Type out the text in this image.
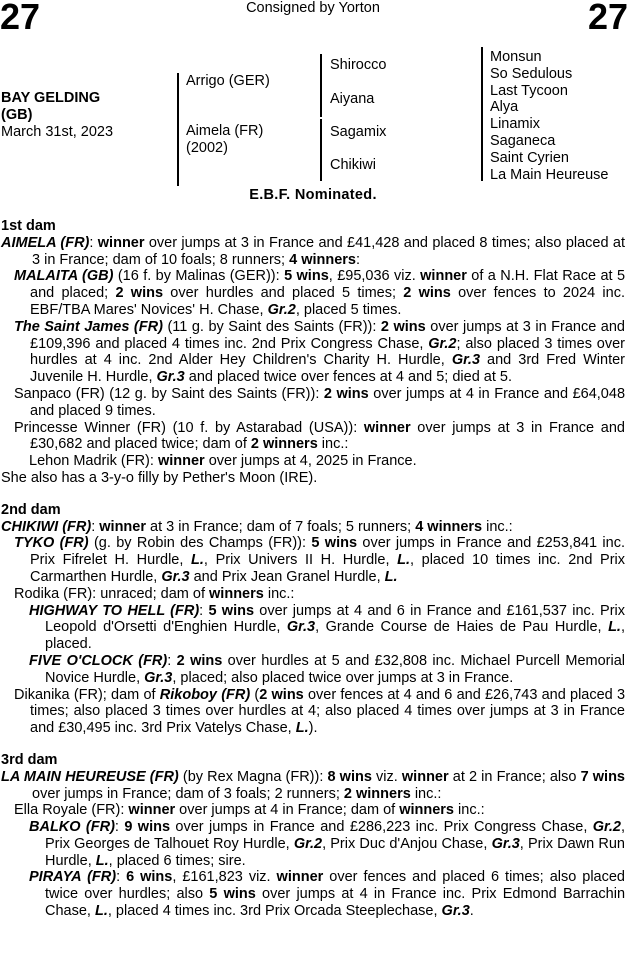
27	Consigned by Yorton	27
BAY GELDING
(GB)
March 31st, 2023
Arrigo (GER)
Aimela (FR)
(2002)
Shirocco
Aiyana
Sagamix
Chikiwi
Monsun
So Sedulous
Last Tycoon
Alya
Linamix
Saganeca
Saint Cyrien
La Main Heureuse
E.B.F. Nominated.
1st dam
AIMELA (FR): winner over jumps at 3 in France and £41,428 and placed 8 times; also placed at 3 in France; dam of 10 foals; 8 runners; 4 winners:
MALAITA (GB) (16 f. by Malinas (GER)): 5 wins, £95,036 viz. winner of a N.H. Flat Race at 5 and placed; 2 wins over hurdles and placed 5 times; 2 wins over fences to 2024 inc. EBF/TBA Mares' Novices' H. Chase, Gr.2, placed 5 times.
The Saint James (FR) (11 g. by Saint des Saints (FR)): 2 wins over jumps at 3 in France and £109,396 and placed 4 times inc. 2nd Prix Congress Chase, Gr.2; also placed 3 times over hurdles at 4 inc. 2nd Alder Hey Children's Charity H. Hurdle, Gr.3 and 3rd Fred Winter Juvenile H. Hurdle, Gr.3 and placed twice over fences at 4 and 5; died at 5.
Sanpaco (FR) (12 g. by Saint des Saints (FR)): 2 wins over jumps at 4 in France and £64,048 and placed 9 times.
Princesse Winner (FR) (10 f. by Astarabad (USA)): winner over jumps at 3 in France and £30,682 and placed twice; dam of 2 winners inc.:
Lehon Madrik (FR): winner over jumps at 4, 2025 in France.
She also has a 3-y-o filly by Pether's Moon (IRE).
2nd dam
CHIKIWI (FR): winner at 3 in France; dam of 7 foals; 5 runners; 4 winners inc.:
TYKO (FR) (g. by Robin des Champs (FR)): 5 wins over jumps in France and £253,841 inc. Prix Fifrelet H. Hurdle, L., Prix Univers II H. Hurdle, L., placed 10 times inc. 2nd Prix Carmarthen Hurdle, Gr.3 and Prix Jean Granel Hurdle, L.
Rodika (FR): unraced; dam of winners inc.:
HIGHWAY TO HELL (FR): 5 wins over jumps at 4 and 6 in France and £161,537 inc. Prix Leopold d'Orsetti d'Enghien Hurdle, Gr.3, Grande Course de Haies de Pau Hurdle, L., placed.
FIVE O'CLOCK (FR): 2 wins over hurdles at 5 and £32,808 inc. Michael Purcell Memorial Novice Hurdle, Gr.3, placed; also placed twice over jumps at 3 in France.
Dikanika (FR); dam of Rikoboy (FR) (2 wins over fences at 4 and 6 and £26,743 and placed 3 times; also placed 3 times over hurdles at 4; also placed 4 times over jumps at 3 in France and £30,495 inc. 3rd Prix Vatelys Chase, L.).
3rd dam
LA MAIN HEUREUSE (FR) (by Rex Magna (FR)): 8 wins viz. winner at 2 in France; also 7 wins over jumps in France; dam of 3 foals; 2 runners; 2 winners inc.:
Ella Royale (FR): winner over jumps at 4 in France; dam of winners inc.:
BALKO (FR): 9 wins over jumps in France and £286,223 inc. Prix Congress Chase, Gr.2, Prix Georges de Talhouet Roy Hurdle, Gr.2, Prix Duc d'Anjou Chase, Gr.3, Prix Dawn Run Hurdle, L., placed 6 times; sire.
PIRAYA (FR): 6 wins, £161,823 viz. winner over fences and placed 6 times; also placed twice over hurdles; also 5 wins over jumps at 4 in France inc. Prix Edmond Barrachin Chase, L., placed 4 times inc. 3rd Prix Orcada Steeplechase, Gr.3.
